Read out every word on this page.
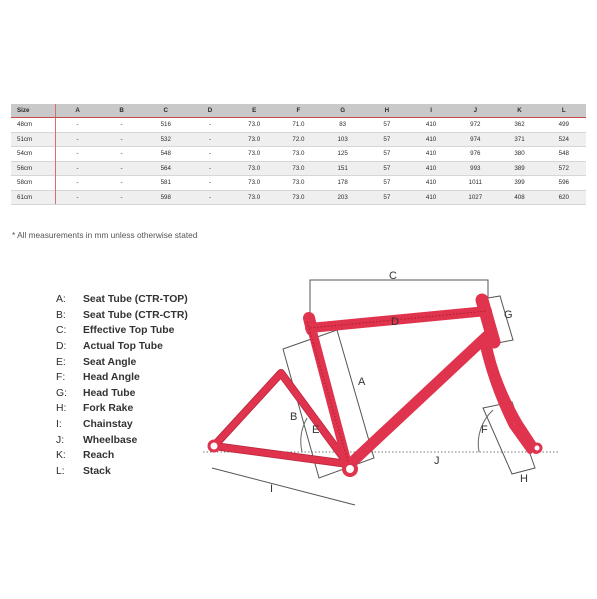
Size	A	B	C	D	E	F	G	H	I	J	K	L
48cm	-	-	516	-	73.0	71.0	83	57	410	972	362	499
51cm	-	-	532	-	73.0	72.0	103	57	410	974	371	524
54cm	-	-	548	-	73.0	73.0	125	57	410	976	380	548
56cm	-	-	564	-	73.0	73.0	151	57	410	993	389	572
58cm	-	-	581	-	73.0	73.0	178	57	410	1011	399	596
61cm	-	-	598	-	73.0	73.0	203	57	410	1027	408	620
* All measurements in mm unless otherwise stated
A:	Seat Tube (CTR-TOP)
B:	Seat Tube (CTR-CTR)
C:	Effective Top Tube
D:	Actual Top Tube
E:	Seat Angle
F:	Head Angle
G:	Head Tube
H:	Fork Rake
I:	Chainstay
J:	Wheelbase
K:	Reach
L:	Stack
A
B
C
D
E	F
G
H
I
J
